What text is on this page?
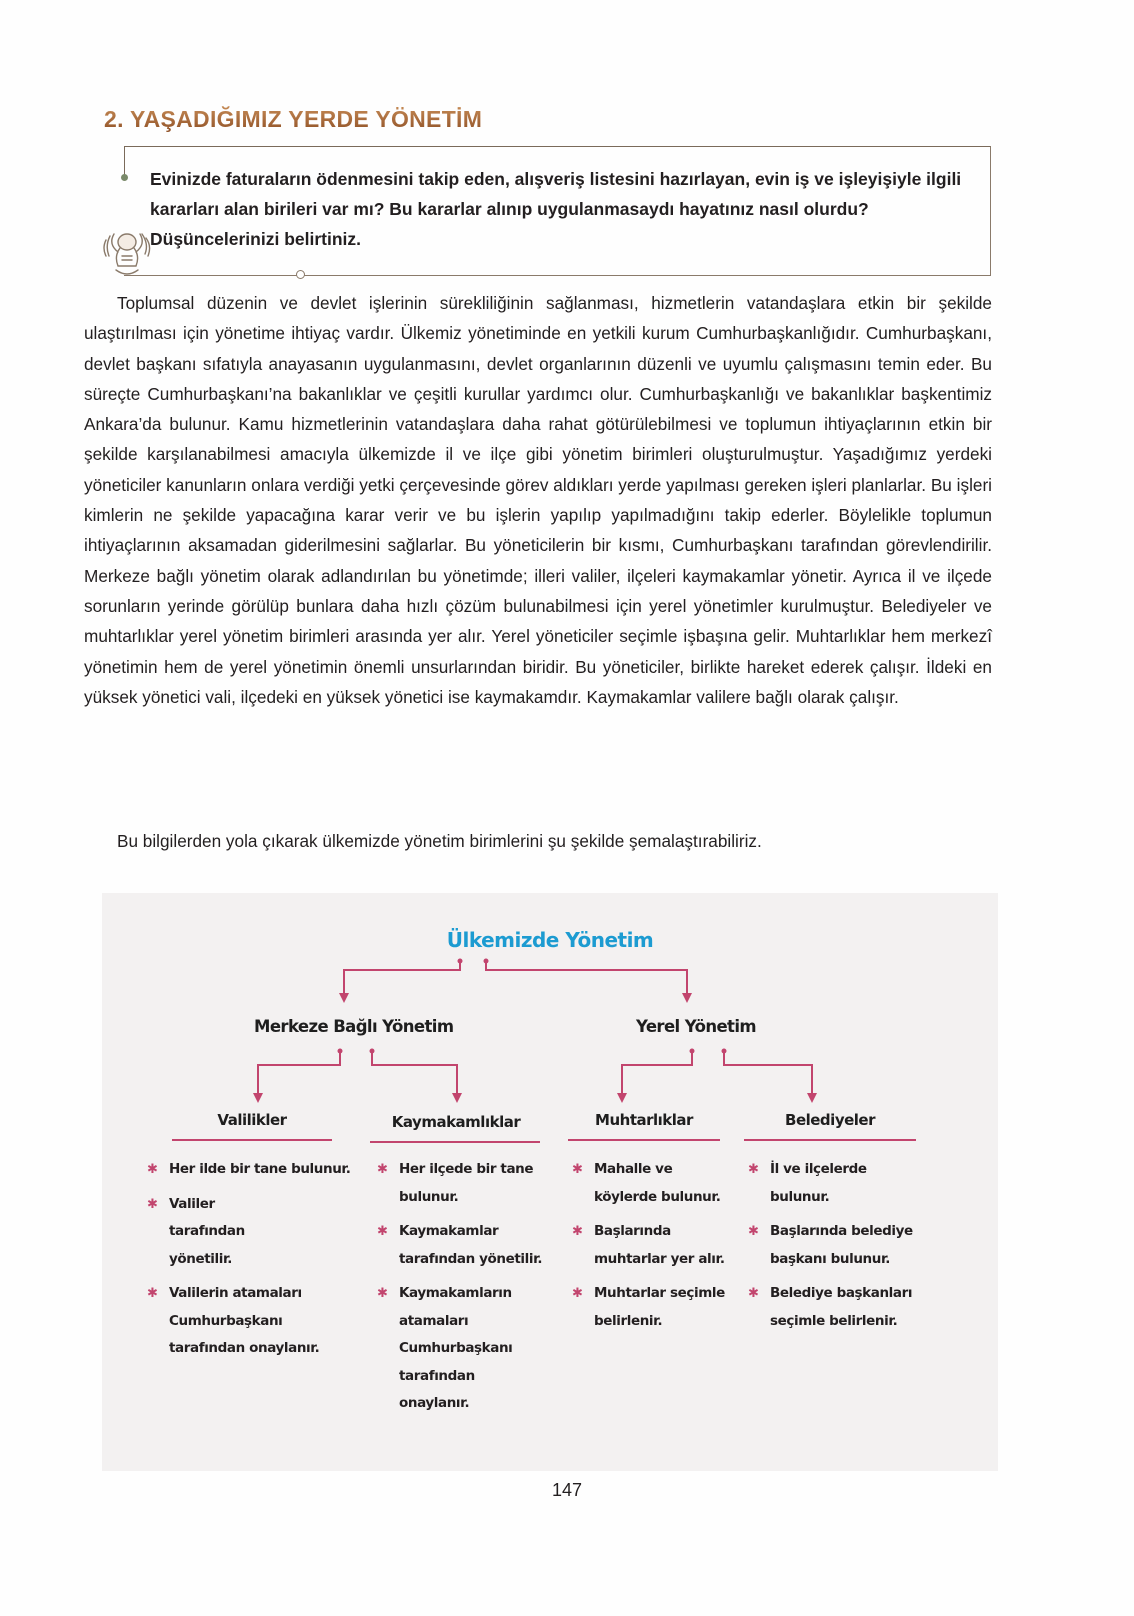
2. YAŞADIĞIMIZ YERDE YÖNETİM
Evinizde faturaların ödenmesini takip eden, alışveriş listesini hazırlayan, evin iş ve işleyişiyle ilgili kararları alan birileri var mı? Bu kararlar alınıp uygulanmasaydı hayatınız nasıl olurdu? Düşüncelerinizi belirtiniz.

Toplumsal düzenin ve devlet işlerinin sürekliliğinin sağlanması, hizmetlerin vatandaşlara etkin bir şekilde ulaştırılması için yönetime ihtiyaç vardır. Ülkemiz yönetiminde en yetkili kurum Cumhurbaşkanlığıdır. Cumhurbaşkanı, devlet başkanı sıfatıyla anayasanın uygulanmasını, devlet organlarının düzenli ve uyumlu çalışmasını temin eder. Bu süreçte Cumhurbaşkanı’na bakanlıklar ve çeşitli kurullar yardımcı olur. Cumhurbaşkanlığı ve bakanlıklar başkentimiz Ankara’da bulunur. Kamu hizmetlerinin vatandaşlara daha rahat götürülebilmesi ve toplumun ihtiyaçlarının etkin bir şekilde karşılanabilmesi amacıyla ülkemizde il ve ilçe gibi yönetim birimleri oluşturulmuştur. Yaşadığımız yerdeki yöneticiler kanunların onlara verdiği yetki çerçevesinde görev aldıkları yerde yapılması gereken işleri planlarlar. Bu işleri kimlerin ne şekilde yapacağına karar verir ve bu işlerin yapılıp yapılmadığını takip ederler. Böylelikle toplumun ihtiyaçlarının aksamadan giderilmesini sağlarlar. Bu yöneticilerin bir kısmı, Cumhurbaşkanı tarafından görevlendirilir. Merkeze bağlı yönetim olarak adlandırılan bu yönetimde; illeri valiler, ilçeleri kaymakamlar yönetir. Ayrıca il ve ilçede sorunların yerinde görülüp bunlara daha hızlı çözüm bulunabilmesi için yerel yönetimler kurulmuştur. Belediyeler ve muhtarlıklar yerel yönetim birimleri arasında yer alır. Yerel yöneticiler seçimle işbaşına gelir. Muhtarlıklar hem merkezî yönetimin hem de yerel yönetimin önemli unsurlarından biridir. Bu yöneticiler, birlikte hareket ederek çalışır. İldeki en yüksek yönetici vali, ilçedeki en yüksek yönetici ise kaymakamdır. Kaymakamlar valilere bağlı olarak çalışır.

Bu bilgilerden yola çıkarak ülkemizde yönetim birimlerini şu şekilde şemalaştırabiliriz.
Ülkemizde Yönetim
Merkeze Bağlı Yönetim	Yerel Yönetim
Valilikler
✱ Her ilde bir tane bulunur.
✱ Valiler tarafından yönetilir.
✱ Valilerin atamaları Cumhurbaşkanı tarafından onaylanır.
Kaymakamlıklar
✱ Her ilçede bir tane bulunur.
✱ Kaymakamlar tarafından yönetilir.
✱ Kaymakamların atamaları Cumhurbaşkanı tarafından onaylanır.
Muhtarlıklar
✱ Mahalle ve köylerde bulunur.
✱ Başlarında muhtarlar yer alır.
✱ Muhtarlar seçimle belirlenir.
Belediyeler
✱ İl ve ilçelerde bulunur.
✱ Başlarında belediye başkanı bulunur.
✱ Belediye başkanları seçimle belirlenir.
147
